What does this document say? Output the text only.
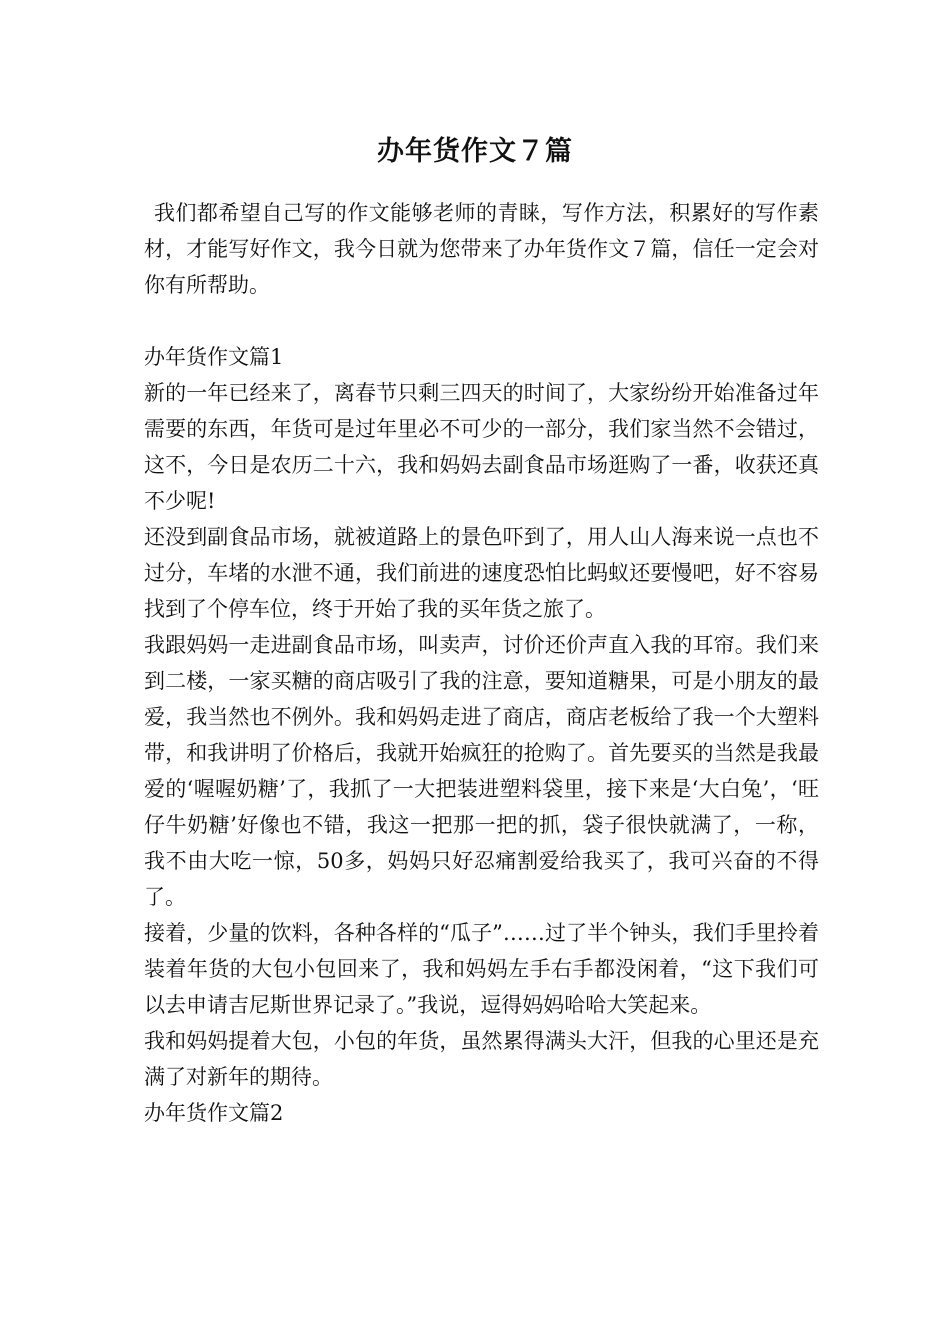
办年货作文７篇

我们都希望自己写的作文能够老师的青睐，写作方法，积累好的写作素材，才能写好作文，我今日就为您带来了办年货作文７篇，信任一定会对你有所帮助。

办年货作文篇1

新的一年已经来了，离春节只剩三四天的时间了，大家纷纷开始准备过年需要的东西，年货可是过年里必不可少的一部分，我们家当然不会错过，这不，今日是农历二十六，我和妈妈去副食品市场逛购了一番，收获还真不少呢!

还没到副食品市场，就被道路上的景色吓到了，用人山人海来说一点也不过分，车堵的水泄不通，我们前进的速度恐怕比蚂蚁还要慢吧，好不容易找到了个停车位，终于开始了我的买年货之旅了。

我跟妈妈一走进副食品市场，叫卖声，讨价还价声直入我的耳帘。我们来到二楼，一家买糖的商店吸引了我的注意，要知道糖果，可是小朋友的最爱，我当然也不例外。我和妈妈走进了商店，商店老板给了我一个大塑料带，和我讲明了价格后，我就开始疯狂的抢购了。首先要买的当然是我最爱的‘喔喔奶糖’了，我抓了一大把装进塑料袋里，接下来是‘大白兔’，‘旺仔牛奶糖’好像也不错，我这一把那一把的抓，袋子很快就满了，一称，我不由大吃一惊，50多，妈妈只好忍痛割爱给我买了，我可兴奋的不得了。

接着，少量的饮料，各种各样的“瓜子”……过了半个钟头，我们手里拎着装着年货的大包小包回来了，我和妈妈左手右手都没闲着，“这下我们可以去申请吉尼斯世界记录了。”我说，逗得妈妈哈哈大笑起来。

我和妈妈提着大包，小包的年货，虽然累得满头大汗，但我的心里还是充满了对新年的期待。

办年货作文篇2
